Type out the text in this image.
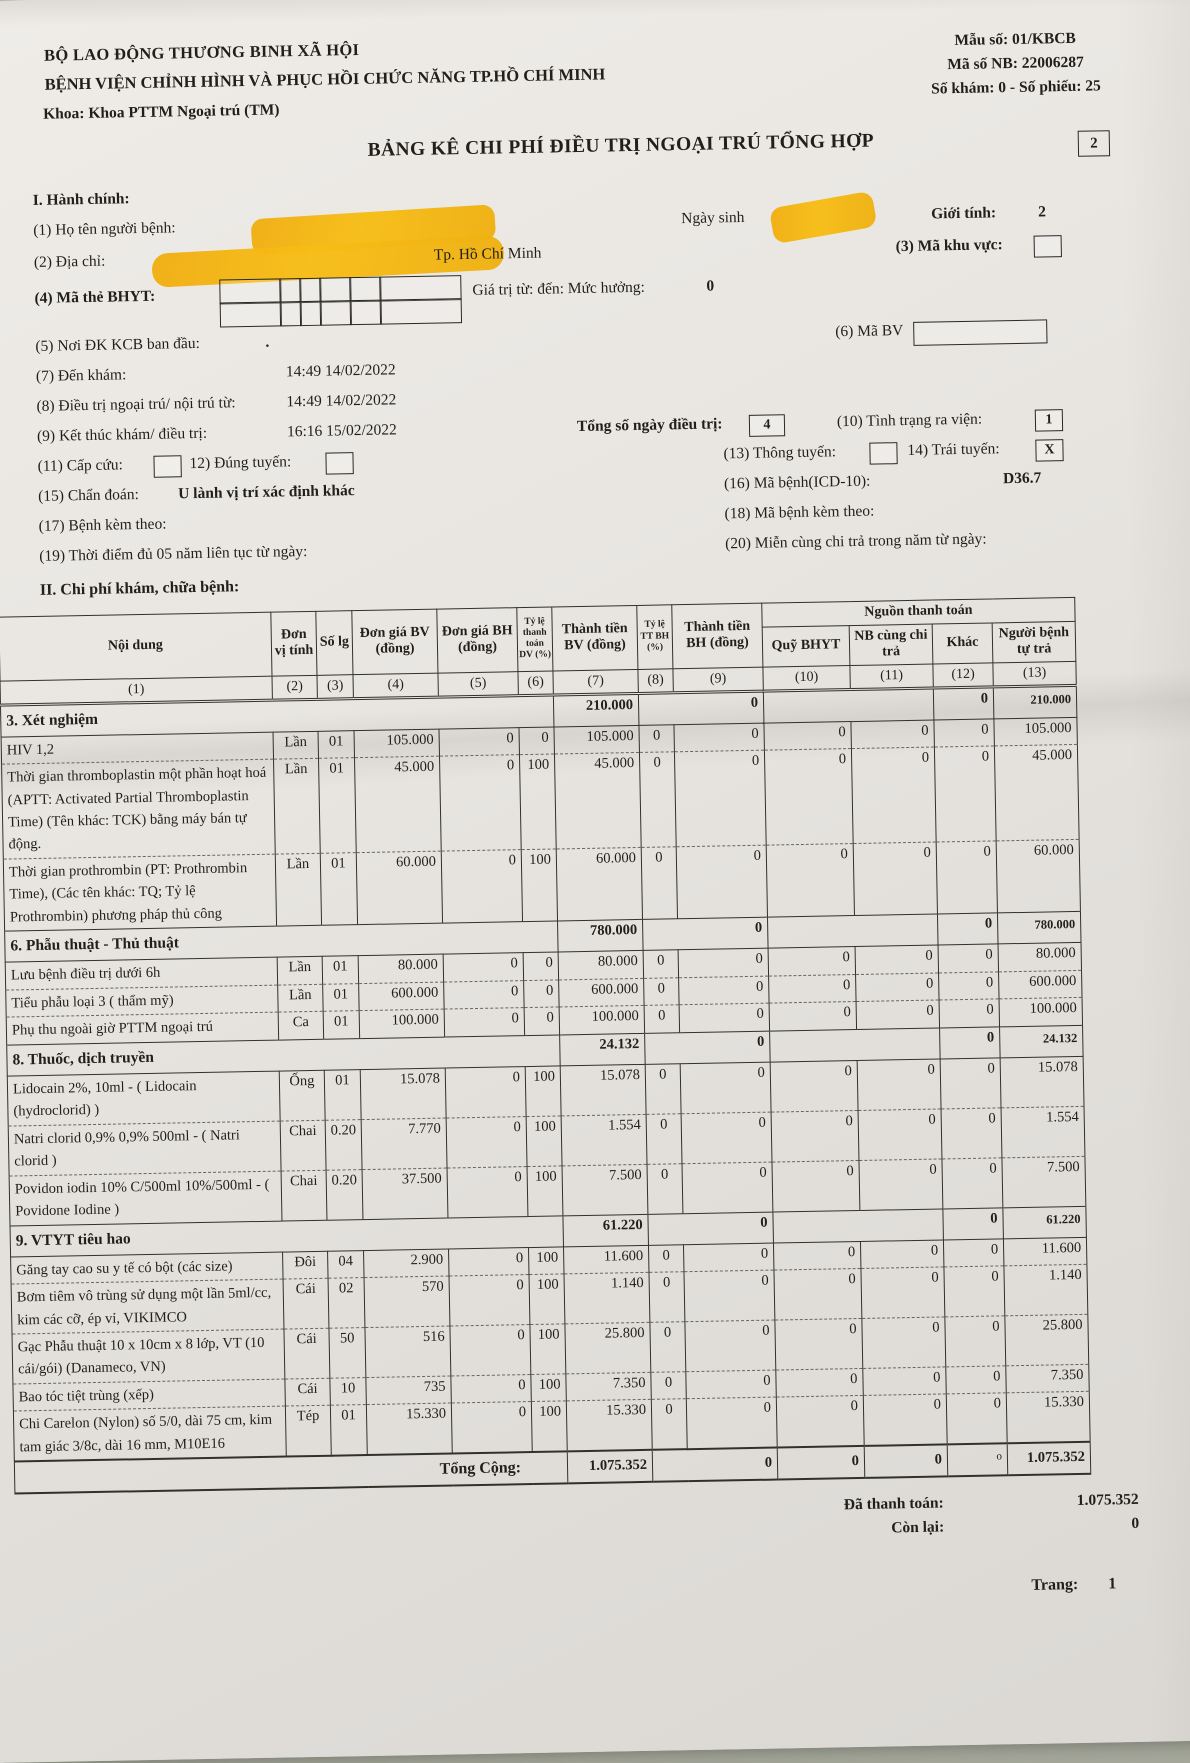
BỘ LAO ĐỘNG THƯƠNG BINH XÃ HỘI
BỆNH VIỆN CHỈNH HÌNH VÀ PHỤC HỒI CHỨC NĂNG TP.HỒ CHÍ MINH
Khoa: Khoa PTTM Ngoại trú (TM)
Mẫu số: 01/KBCB
Mã số NB: 22006287
Số khám: 0 - Số phiếu: 25
BẢNG KÊ CHI PHÍ ĐIỀU TRỊ NGOẠI TRÚ TỔNG HỢP	2
I. Hành chính:
(1) Họ tên người bệnh:
Ngày sinh	Giới tính:	2
(2) Địa chỉ:	Tp. Hồ Chí Minh	(3) Mã khu vực:
(4) Mã thẻ BHYT:	Giá trị từ: đến: Mức hưởng:	0
(5) Nơi ĐK KCB ban đầu:	.
(6) Mã BV
(7) Đến khám:	14:49 14/02/2022
(8) Điều trị ngoại trú/ nội trú từ:	14:49 14/02/2022
(9) Kết thúc khám/ điều trị:	16:16 15/02/2022	Tổng số ngày điều trị:	4	(10) Tình trạng ra viện:	1
(11) Cấp cứu:	12) Đúng tuyến:
(13) Thông tuyến:	14) Trái tuyến:	X
(15) Chẩn đoán:	U lành vị trí xác định khác	(16) Mã bệnh(ICD-10):	D36.7
(17) Bệnh kèm theo:
(18) Mã bệnh kèm theo:
(19) Thời điểm đủ 05 năm liên tục từ ngày:
(20) Miễn cùng chi trả trong năm từ ngày:
II. Chi phí khám, chữa bệnh:
Nội dung	Đơn vị tính	Số lg	Đơn giá BV (đồng)	Đơn giá BH (đồng)	Tỷ lệ thanh toán DV (%)	Thành tiền BV (đồng)	Tỷ lệ TT BH (%)	Thành tiền BH (đồng)	Nguồn thanh toán			
									Quỹ BHYT	NB cùng chi trả	Khác	Người bệnh tự trả
(1)	(2)	(3)	(4)	(5)	(6)	(7)	(8)	(9)	(10)	(11)	(12)	(13)
3. Xét nghiệm						210.000	0				0	210.000
HIV 1,2	Lần	01	105.000	0	0	105.000	0	0	0	0	0	105.000
Thời gian thromboplastin một phần hoạt hoá (APTT: Activated Partial Thromboplastin Time) (Tên khác: TCK) bằng máy bán tự động.	Lần	01	45.000	0	100	45.000	0	0	0	0	0	45.000
Thời gian prothrombin (PT: Prothrombin Time), (Các tên khác: TQ; Tỷ lệ Prothrombin) phương pháp thủ công	Lần	01	60.000	0	100	60.000	0	0	0	0	0	60.000
6. Phẫu thuật - Thủ thuật						780.000	0				0	780.000
Lưu bệnh điều trị dưới 6h	Lần	01	80.000	0	0	80.000	0	0	0	0	0	80.000
Tiểu phẫu loại 3 ( thẩm mỹ)	Lần	01	600.000	0	0	600.000	0	0	0	0	0	600.000
Phụ thu ngoài giờ PTTM ngoại trú	Ca	01	100.000	0	0	100.000	0	0	0	0	0	100.000
8. Thuốc, dịch truyền						24.132	0				0	24.132
Lidocain 2%, 10ml - ( Lidocain (hydroclorid) )	Ống	01	15.078	0	100	15.078	0	0	0	0	0	15.078
Natri clorid 0,9% 0,9% 500ml - ( Natri clorid )	Chai	0.20	7.770	0	100	1.554	0	0	0	0	0	1.554
Povidon iodin 10% C/500ml 10%/500ml - ( Povidone Iodine )	Chai	0.20	37.500	0	100	7.500	0	0	0	0	0	7.500
9. VTYT tiêu hao						61.220	0				0	61.220
Găng tay cao su y tế có bột (các size)	Đôi	04	2.900	0	100	11.600	0	0	0	0	0	11.600
Bơm tiêm vô trùng sử dụng một lần 5ml/cc, kim các cỡ, ép vỉ, VIKIMCO	Cái	02	570	0	100	1.140	0	0	0	0	0	1.140
Gạc Phẫu thuật 10 x 10cm x 8 lớp, VT (10 cái/gói) (Danameco, VN)	Cái	50	516	0	100	25.800	0	0	0	0	0	25.800
Bao tóc tiệt trùng (xếp)	Cái	10	735	0	100	7.350	0	0	0	0	0	7.350
Chi Carelon (Nylon) số 5/0, dài 75 cm, kim tam giác 3/8c, dài 16 mm, M10E16	Tép	01	15.330	0	100	15.330	0	0	0	0	0	15.330
Tổng Cộng:						1.075.352	0		0	0	o	1.075.352
Đã thanh toán:	1.075.352
Còn lại:	0
Trang: 1
